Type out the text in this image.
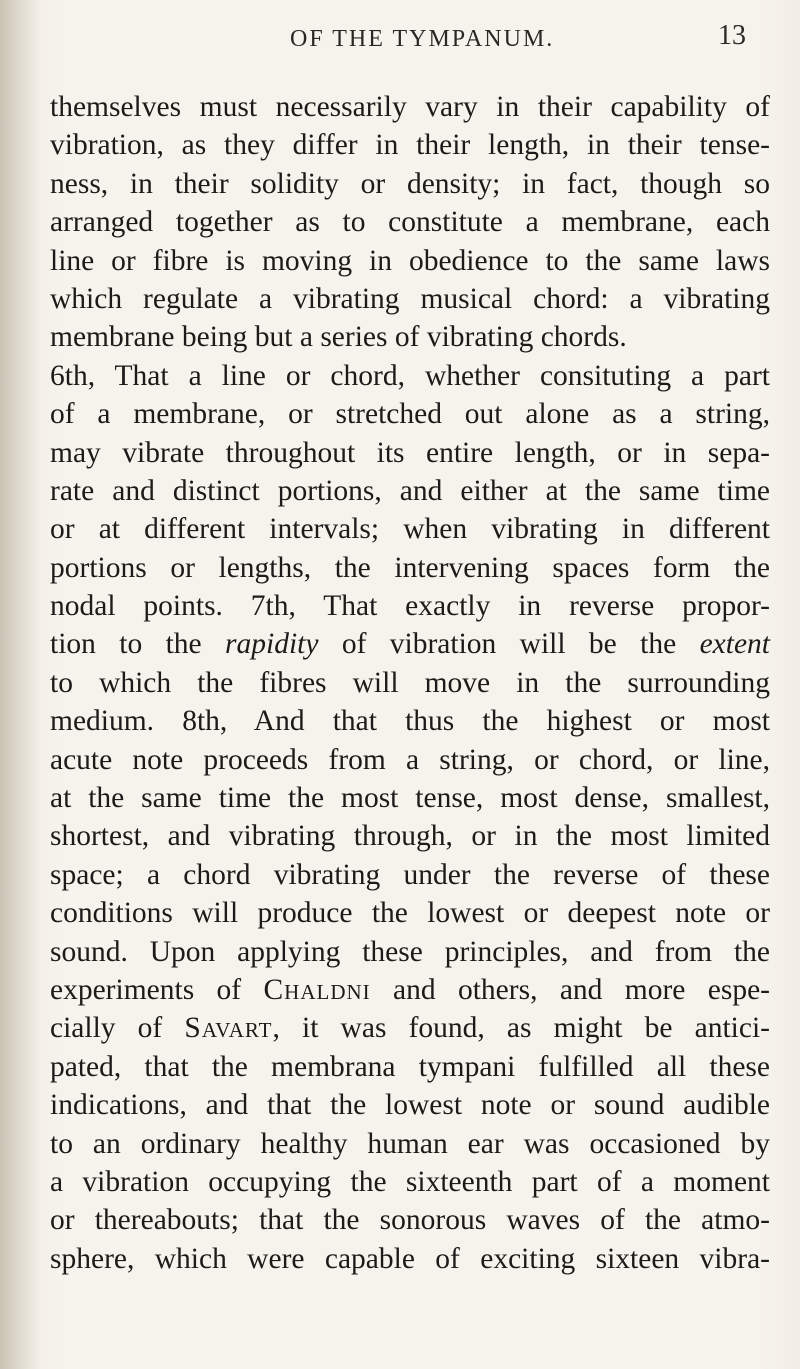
OF THE TYMPANUM.	13
themselves must necessarily vary in their capability of
vibration, as they differ in their length, in their tense-
ness, in their solidity or density; in fact, though so
arranged together as to constitute a membrane, each
line or fibre is moving in obedience to the same laws
which regulate a vibrating musical chord: a vibrating
membrane being but a series of vibrating chords.
6th, That a line or chord, whether consituting a part
of a membrane, or stretched out alone as a string,
may vibrate throughout its entire length, or in sepa-
rate and distinct portions, and either at the same time
or at different intervals; when vibrating in different
portions or lengths, the intervening spaces form the
nodal points. 7th, That exactly in reverse propor-
tion to the rapidity of vibration will be the extent
to which the fibres will move in the surrounding
medium. 8th, And that thus the highest or most
acute note proceeds from a string, or chord, or line,
at the same time the most tense, most dense, smallest,
shortest, and vibrating through, or in the most limited
space; a chord vibrating under the reverse of these
conditions will produce the lowest or deepest note or
sound. Upon applying these principles, and from the
experiments of Chaldni and others, and more espe-
cially of Savart, it was found, as might be antici-
pated, that the membrana tympani fulfilled all these
indications, and that the lowest note or sound audible
to an ordinary healthy human ear was occasioned by
a vibration occupying the sixteenth part of a moment
or thereabouts; that the sonorous waves of the atmo-
sphere, which were capable of exciting sixteen vibra-
